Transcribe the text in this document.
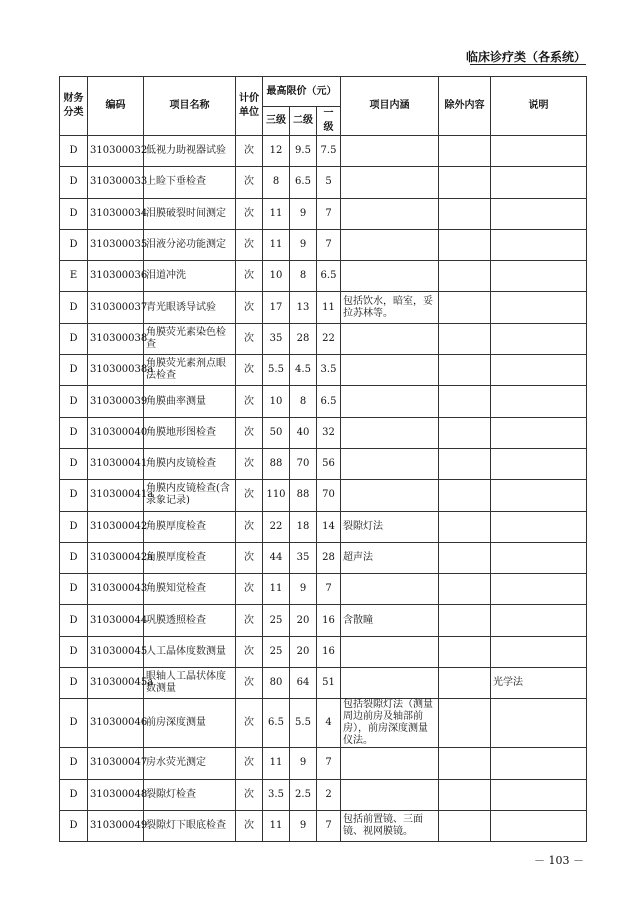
临床诊疗类（各系统）
财务分类	编码	项目名称	计价单位	最高限价（元）			项目内涵	除外内容	说明
				三级	二级	一级			
D	310300032	低视力助视器试验	次	12	9.5	7.5			
D	310300033	上睑下垂检查	次	8	6.5	5			
D	310300034	泪膜破裂时间测定	次	11	9	7			
D	310300035	泪液分泌功能测定	次	11	9	7			
E	310300036	泪道冲洗	次	10	8	6.5			
D	310300037	青光眼诱导试验	次	17	13	11	包括饮水，暗室，妥拉苏林等。		
D	310300038	角膜荧光素染色检查	次	35	28	22			
D	310300038a	角膜荧光素剂点眼法检查	次	5.5	4.5	3.5			
D	310300039	角膜曲率测量	次	10	8	6.5			
D	310300040	角膜地形图检查	次	50	40	32			
D	310300041	角膜内皮镜检查	次	88	70	56			
D	310300041a	角膜内皮镜检查(含录象记录)	次	110	88	70			
D	310300042	角膜厚度检查	次	22	18	14	裂隙灯法		
D	310300042a	角膜厚度检查	次	44	35	28	超声法		
D	310300043	角膜知觉检查	次	11	9	7			
D	310300044	巩膜透照检查	次	25	20	16	含散瞳		
D	310300045	人工晶体度数测量	次	25	20	16			
D	310300045a	眼轴人工晶状体度数测量	次	80	64	51			光学法
D	310300046	前房深度测量	次	6.5	5.5	4	包括裂隙灯法（测量周边前房及轴部前房），前房深度测量仪法。		
D	310300047	房水荧光测定	次	11	9	7			
D	310300048	裂隙灯检查	次	3.5	2.5	2			
D	310300049	裂隙灯下眼底检查	次	11	9	7	包括前置镜、三面镜、视网膜镜。		
－ 103 －
